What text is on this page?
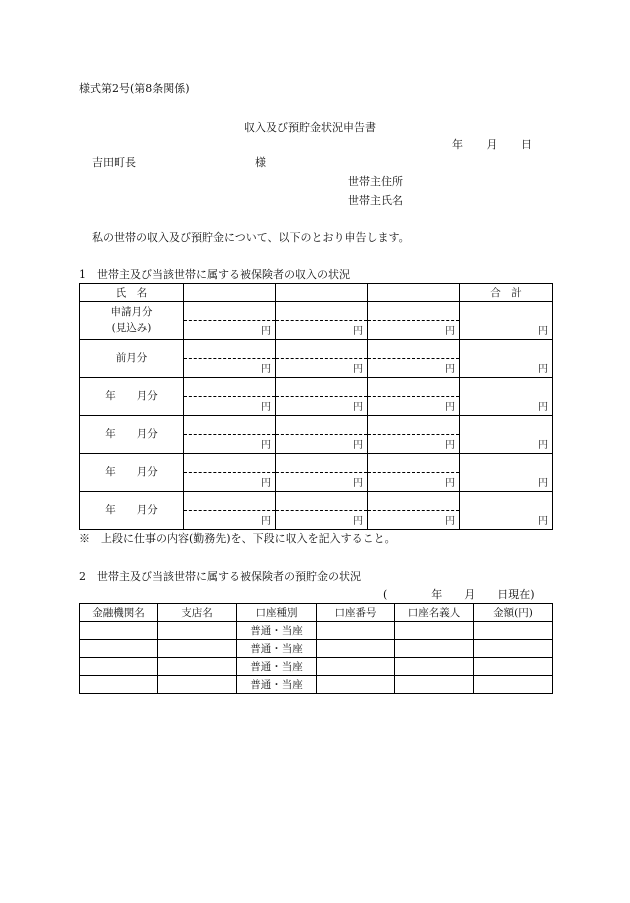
様式第2号(第8条関係)
収入及び預貯金状況申告書
年　　月　　日
吉田町長	様
世帯主住所
世帯主氏名
私の世帯の収入及び預貯金について、以下のとおり申告します。
1　世帯主及び当該世帯に属する被保険者の収入の状況
氏　名				合　計

申請月分
(見込み)	円	円	円	円

前月分	円	円	円	円

年　　月分	円	円	円	円

年　　月分	円	円	円	円

年　　月分	円	円	円	円

年　　月分	円	円	円	円
※　上段に仕事の内容(勤務先)を、下段に収入を記入すること。
2　世帯主及び当該世帯に属する被保険者の預貯金の状況
(　　　　年　　月　　日現在)
金融機関名	支店名	口座種別	口座番号	口座名義人	金額(円)
		普通・当座			
		普通・当座			
		普通・当座			
		普通・当座			
